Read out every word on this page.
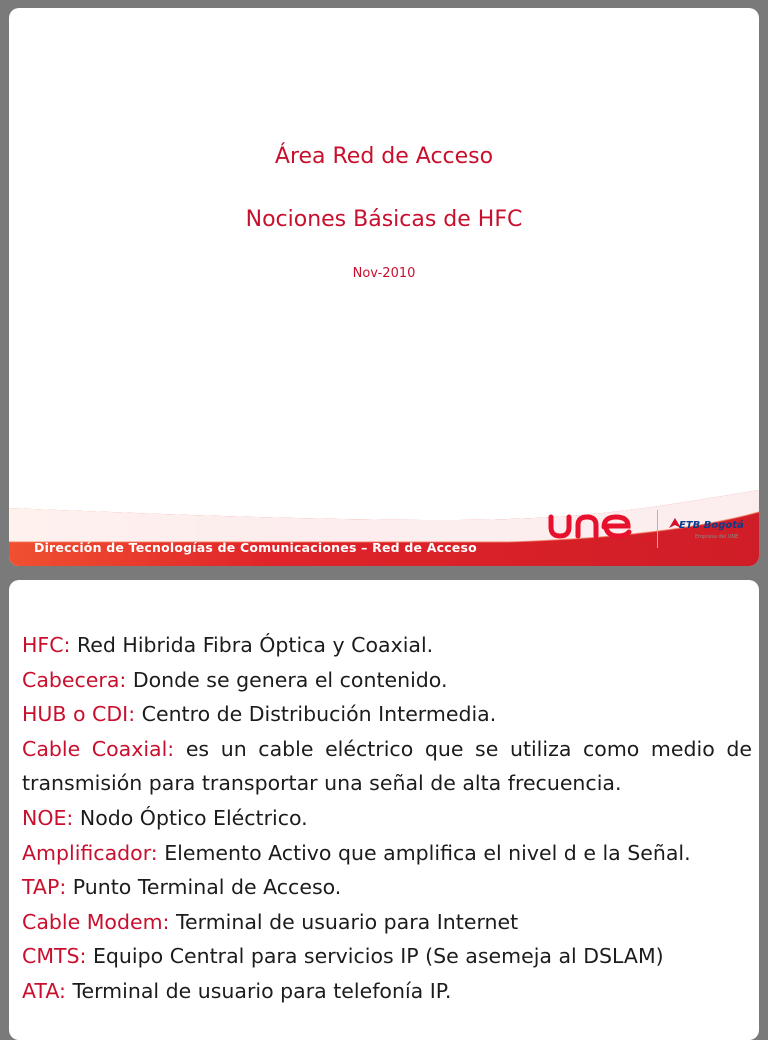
Área Red de Acceso
Nociones Básicas de HFC
Nov-2010
Dirección de Tecnologías de Comunicaciones – Red de Acceso
ETB Bogotá
Empresa del UNE

HFC: Red Hibrida Fibra Óptica y Coaxial.

Cabecera: Donde se genera el contenido.

HUB o CDI: Centro de Distribución Intermedia.

Cable Coaxial: es un cable eléctrico que se utiliza como medio de transmisión para transportar una señal de alta frecuencia.

NOE: Nodo Óptico Eléctrico.

Amplificador: Elemento Activo que amplifica el nivel d e la Señal.

TAP: Punto Terminal de Acceso.

Cable Modem: Terminal de usuario para Internet

CMTS: Equipo Central para servicios IP (Se asemeja al DSLAM)

ATA: Terminal de usuario para telefonía IP.
